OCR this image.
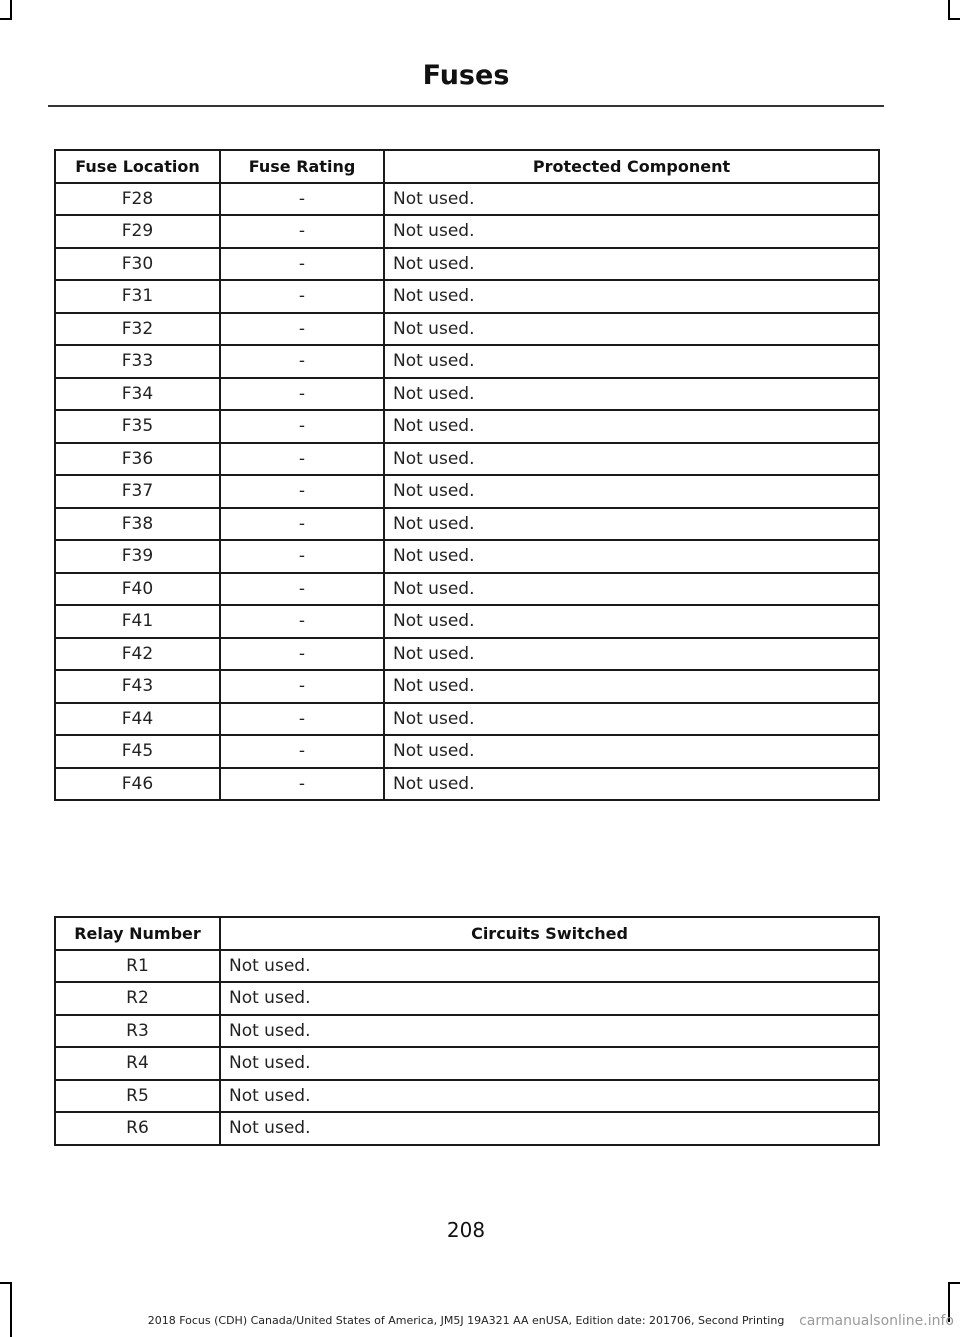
Fuses
Fuse Location	Fuse Rating	Protected Component
F28	-	Not used.
F29	-	Not used.
F30	-	Not used.
F31	-	Not used.
F32	-	Not used.
F33	-	Not used.
F34	-	Not used.
F35	-	Not used.
F36	-	Not used.
F37	-	Not used.
F38	-	Not used.
F39	-	Not used.
F40	-	Not used.
F41	-	Not used.
F42	-	Not used.
F43	-	Not used.
F44	-	Not used.
F45	-	Not used.
F46	-	Not used.
Relay Number	Circuits Switched
R1	Not used.
R2	Not used.
R3	Not used.
R4	Not used.
R5	Not used.
R6	Not used.
208
2018 Focus (CDH) Canada/United States of America, JM5J 19A321 AA enUSA, Edition date: 201706, Second Printing	carmanualsonline.info
